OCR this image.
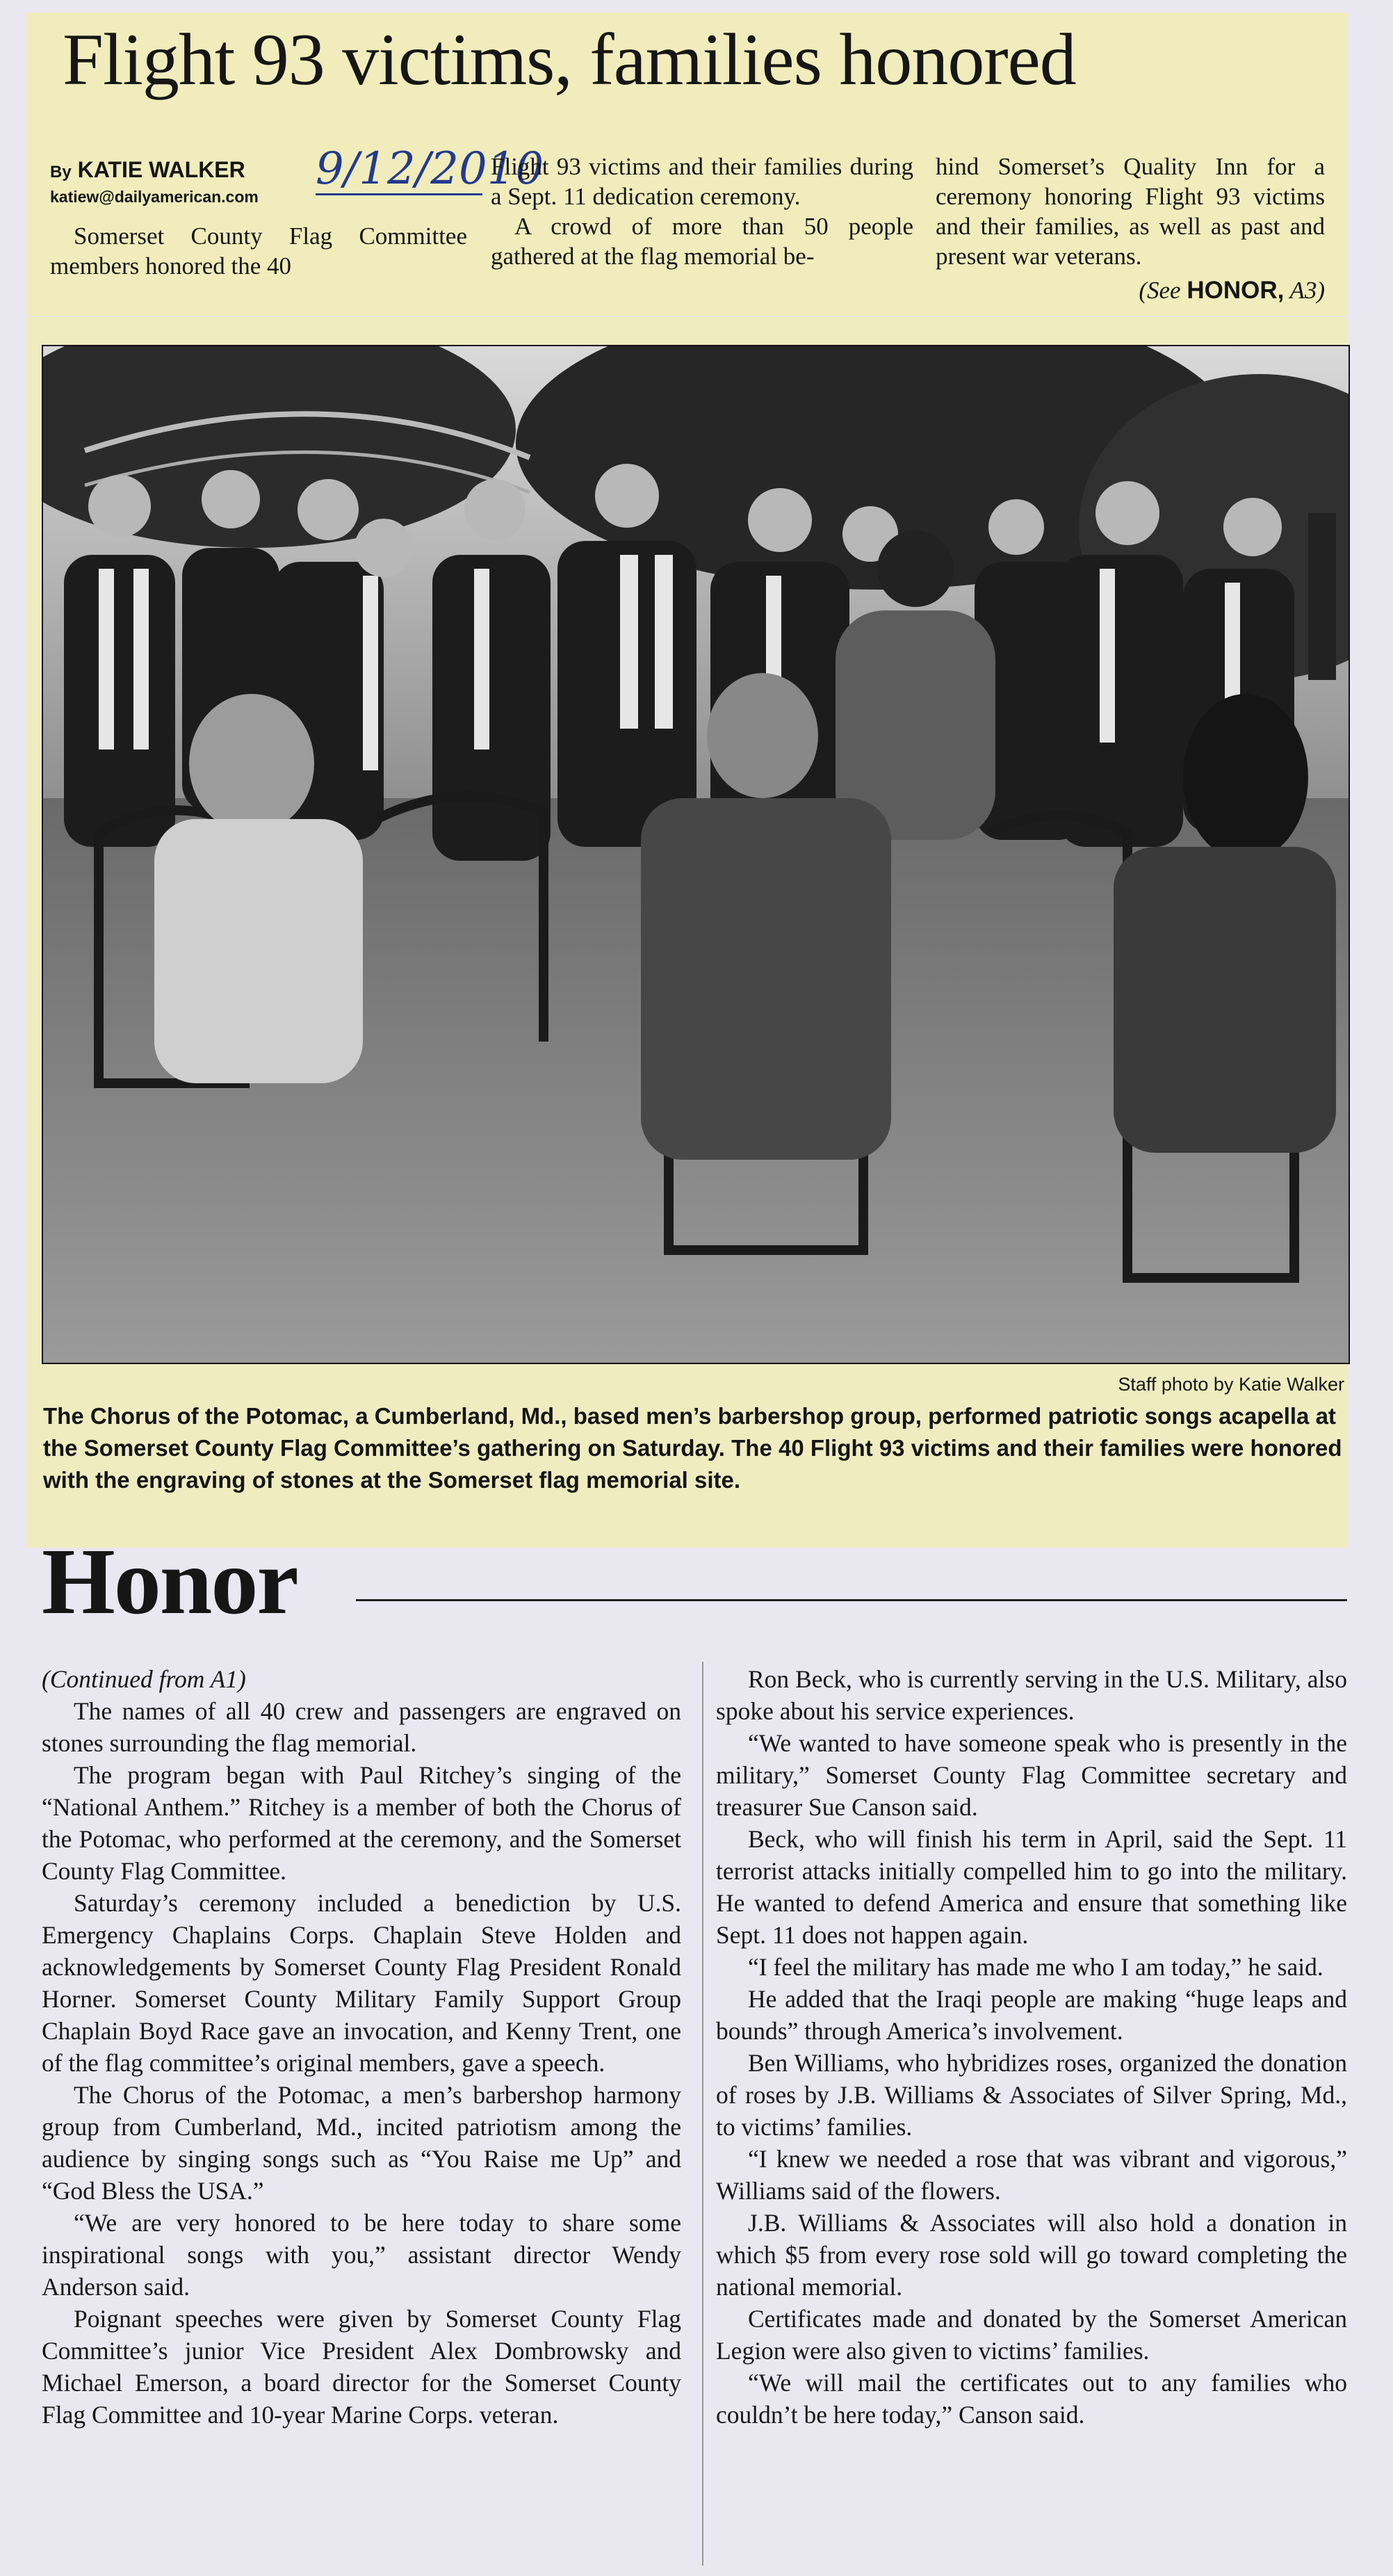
Flight 93 victims, families honored
By KATIE WALKER
katiew@dailyamerican.com
9/12/2010

Somerset County Flag Committee members honored the 40

Flight 93 victims and their families during a Sept. 11 dedication ceremony.

A crowd of more than 50 people gathered at the flag memorial be-

hind Somerset’s Quality Inn for a ceremony honoring Flight 93 victims and their families, as well as past and present war veterans.

(See HONOR, A3)
Staff photo by Katie Walker
The Chorus of the Potomac, a Cumberland, Md., based men’s barbershop group, performed patriotic songs acapella at the Somerset County Flag Committee’s gathering on Saturday. The 40 Flight 93 victims and their families were honored with the engraving of stones at the Somerset flag memorial site.
Honor

(Continued from A1)

The names of all 40 crew and passengers are engraved on stones surrounding the flag memorial.

The program began with Paul Ritchey’s singing of the “National Anthem.” Ritchey is a member of both the Chorus of the Potomac, who performed at the ceremony, and the Somerset County Flag Committee.

Saturday’s ceremony included a benediction by U.S. Emergency Chaplains Corps. Chaplain Steve Holden and acknowledgements by Somerset County Flag President Ronald Horner. Somerset County Military Family Support Group Chaplain Boyd Race gave an invocation, and Kenny Trent, one of the flag committee’s original members, gave a speech.

The Chorus of the Potomac, a men’s barbershop harmony group from Cumberland, Md., incited patriotism among the audience by singing songs such as “You Raise me Up” and “God Bless the USA.”

“We are very honored to be here today to share some inspirational songs with you,” assistant director Wendy Anderson said.

Poignant speeches were given by Somerset County Flag Committee’s junior Vice President Alex Dombrowsky and Michael Emerson, a board director for the Somerset County Flag Committee and 10-year Marine Corps. veteran.

Ron Beck, who is currently serving in the U.S. Military, also spoke about his service experiences.

“We wanted to have someone speak who is presently in the military,” Somerset County Flag Committee secretary and treasurer Sue Canson said.

Beck, who will finish his term in April, said the Sept. 11 terrorist attacks initially compelled him to go into the military. He wanted to defend America and ensure that something like Sept. 11 does not happen again.

“I feel the military has made me who I am today,” he said.

He added that the Iraqi people are making “huge leaps and bounds” through America’s involvement.

Ben Williams, who hybridizes roses, organized the donation of roses by J.B. Williams & Associates of Silver Spring, Md., to victims’ families.

“I knew we needed a rose that was vibrant and vigorous,” Williams said of the flowers.

J.B. Williams & Associates will also hold a donation in which $5 from every rose sold will go toward completing the national memorial.

Certificates made and donated by the Somerset American Legion were also given to victims’ families.

“We will mail the certificates out to any families who couldn’t be here today,” Canson said.
